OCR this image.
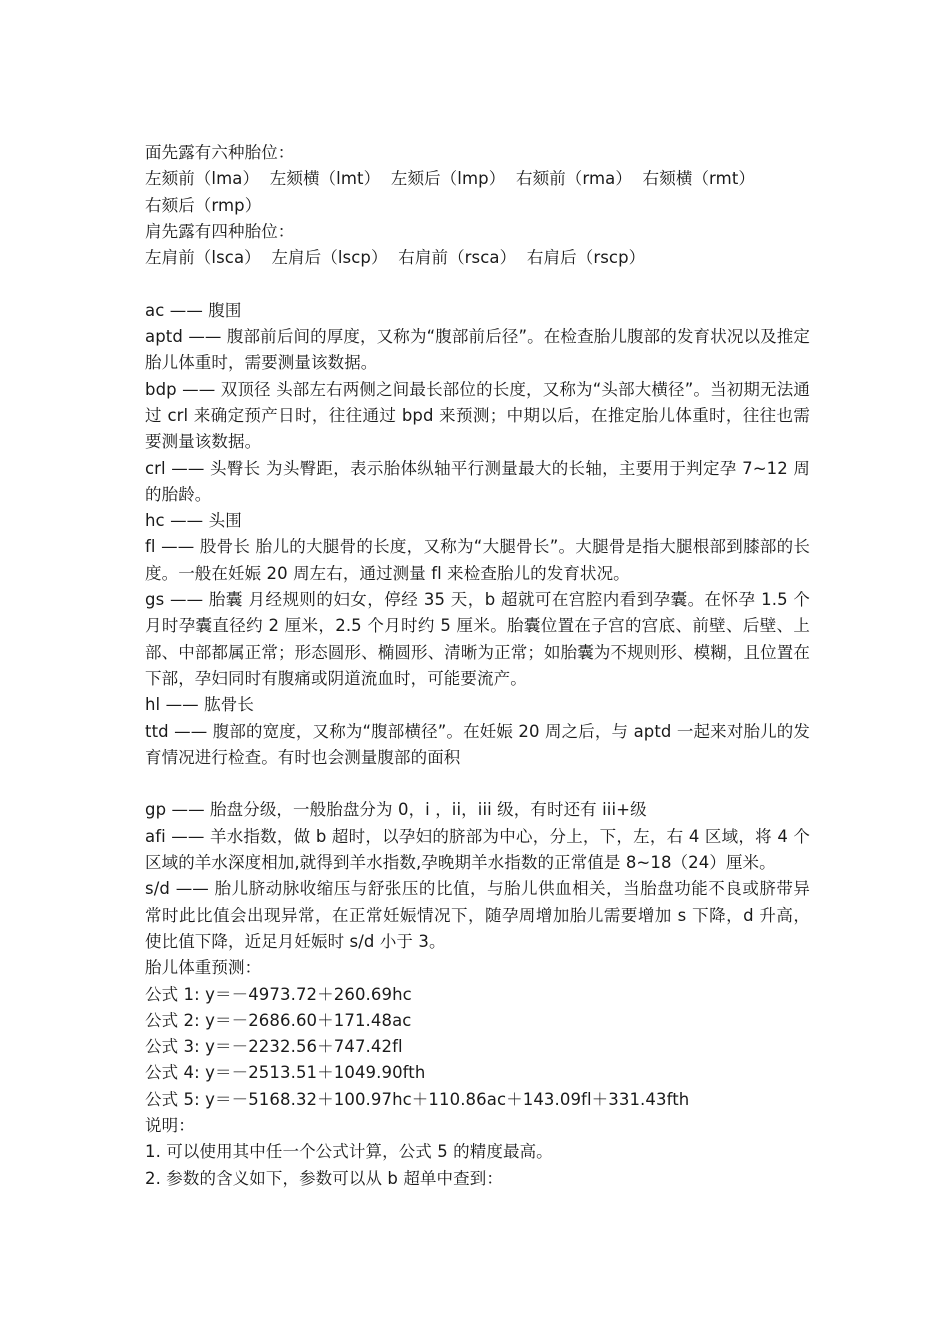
面先露有六种胎位：
左颏前（lma）  左颏横（lmt）  左颏后（lmp）  右颏前（rma）  右颏横（rmt）
右颏后（rmp）
肩先露有四种胎位：
左肩前（lsca）  左肩后（lscp）  右肩前（rsca）  右肩后（rscp）
ac —— 腹围
aptd —— 腹部前后间的厚度，又称为“腹部前后径”。在检查胎儿腹部的发育状况以及推定胎儿体重时，需要测量该数据。
bdp —— 双顶径 头部左右两侧之间最长部位的长度，又称为“头部大横径”。当初期无法通过 crl 来确定预产日时，往往通过 bpd 来预测；中期以后，在推定胎儿体重时，往往也需要测量该数据。
crl —— 头臀长 为头臀距，表示胎体纵轴平行测量最大的长轴，主要用于判定孕 7~12 周的胎龄。
hc —— 头围
fl —— 股骨长 胎儿的大腿骨的长度，又称为“大腿骨长”。大腿骨是指大腿根部到膝部的长度。一般在妊娠 20 周左右，通过测量 fl 来检查胎儿的发育状况。
gs —— 胎囊 月经规则的妇女，停经 35 天，b 超就可在宫腔内看到孕囊。在怀孕 1.5 个月时孕囊直径约 2 厘米，2.5 个月时约 5 厘米。胎囊位置在子宫的宫底、前壁、后壁、上部、中部都属正常；形态圆形、椭圆形、清晰为正常；如胎囊为不规则形、模糊，且位置在下部，孕妇同时有腹痛或阴道流血时，可能要流产。
hl —— 肱骨长
ttd —— 腹部的宽度，又称为“腹部横径”。在妊娠 20 周之后，与 aptd 一起来对胎儿的发育情况进行检查。有时也会测量腹部的面积
gp —— 胎盘分级，一般胎盘分为 0，i ，ii，iii 级，有时还有 iii+级
afi —— 羊水指数，做 b 超时，以孕妇的脐部为中心，分上，下，左，右 4 区域，将 4 个区域的羊水深度相加,就得到羊水指数,孕晚期羊水指数的正常值是 8~18（24）厘米。
s/d —— 胎儿脐动脉收缩压与舒张压的比值，与胎儿供血相关，当胎盘功能不良或脐带异常时此比值会出现异常，在正常妊娠情况下，随孕周增加胎儿需要增加 s 下降，d 升高，使比值下降，近足月妊娠时 s/d 小于 3。
胎儿体重预测：
公式 1: y＝－4973.72＋260.69hc
公式 2: y＝－2686.60＋171.48ac
公式 3: y＝－2232.56＋747.42fl
公式 4: y＝－2513.51＋1049.90fth
公式 5: y＝－5168.32＋100.97hc＋110.86ac＋143.09fl＋331.43fth
说明：
1. 可以使用其中任一个公式计算，公式 5 的精度最高。
2. 参数的含义如下，参数可以从 b 超单中查到：
